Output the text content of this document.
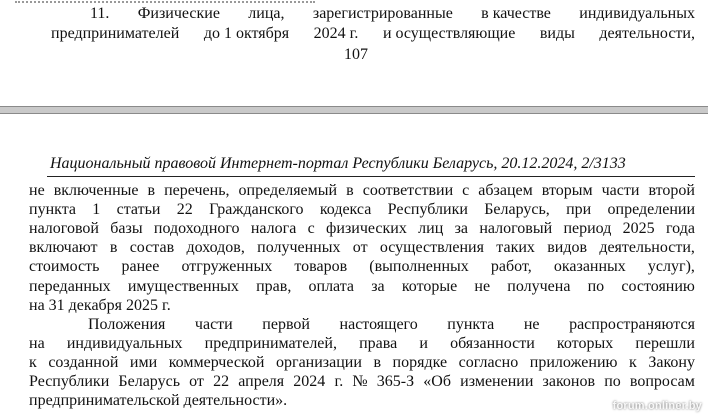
11. Физические лица, зарегистрированные в качестве индивидуальных
предпринимателей до 1 октября 2024 г. и осуществляющие виды деятельности,
107
Национальный правовой Интернет-портал Республики Беларусь, 20.12.2024, 2/3133
не включенные в перечень, определяемый в соответствии с абзацем вторым части второй
пункта 1 статьи 22 Гражданского кодекса Республики Беларусь, при определении
налоговой базы подоходного налога с физических лиц за налоговый период 2025 года
включают в состав доходов, полученных от осуществления таких видов деятельности,
стоимость ранее отгруженных товаров (выполненных работ, оказанных услуг),
переданных имущественных прав, оплата за которые не получена по состоянию
на 31 декабря 2025 г.
Положения части первой настоящего пункта не распространяются
на индивидуальных предпринимателей, права и обязанности которых перешли
к созданной ими коммерческой организации в порядке согласно приложению к Закону
Республики Беларусь от 22 апреля 2024 г. № 365-З «Об изменении законов по вопросам
предпринимательской деятельности».	forum.onliner.by
